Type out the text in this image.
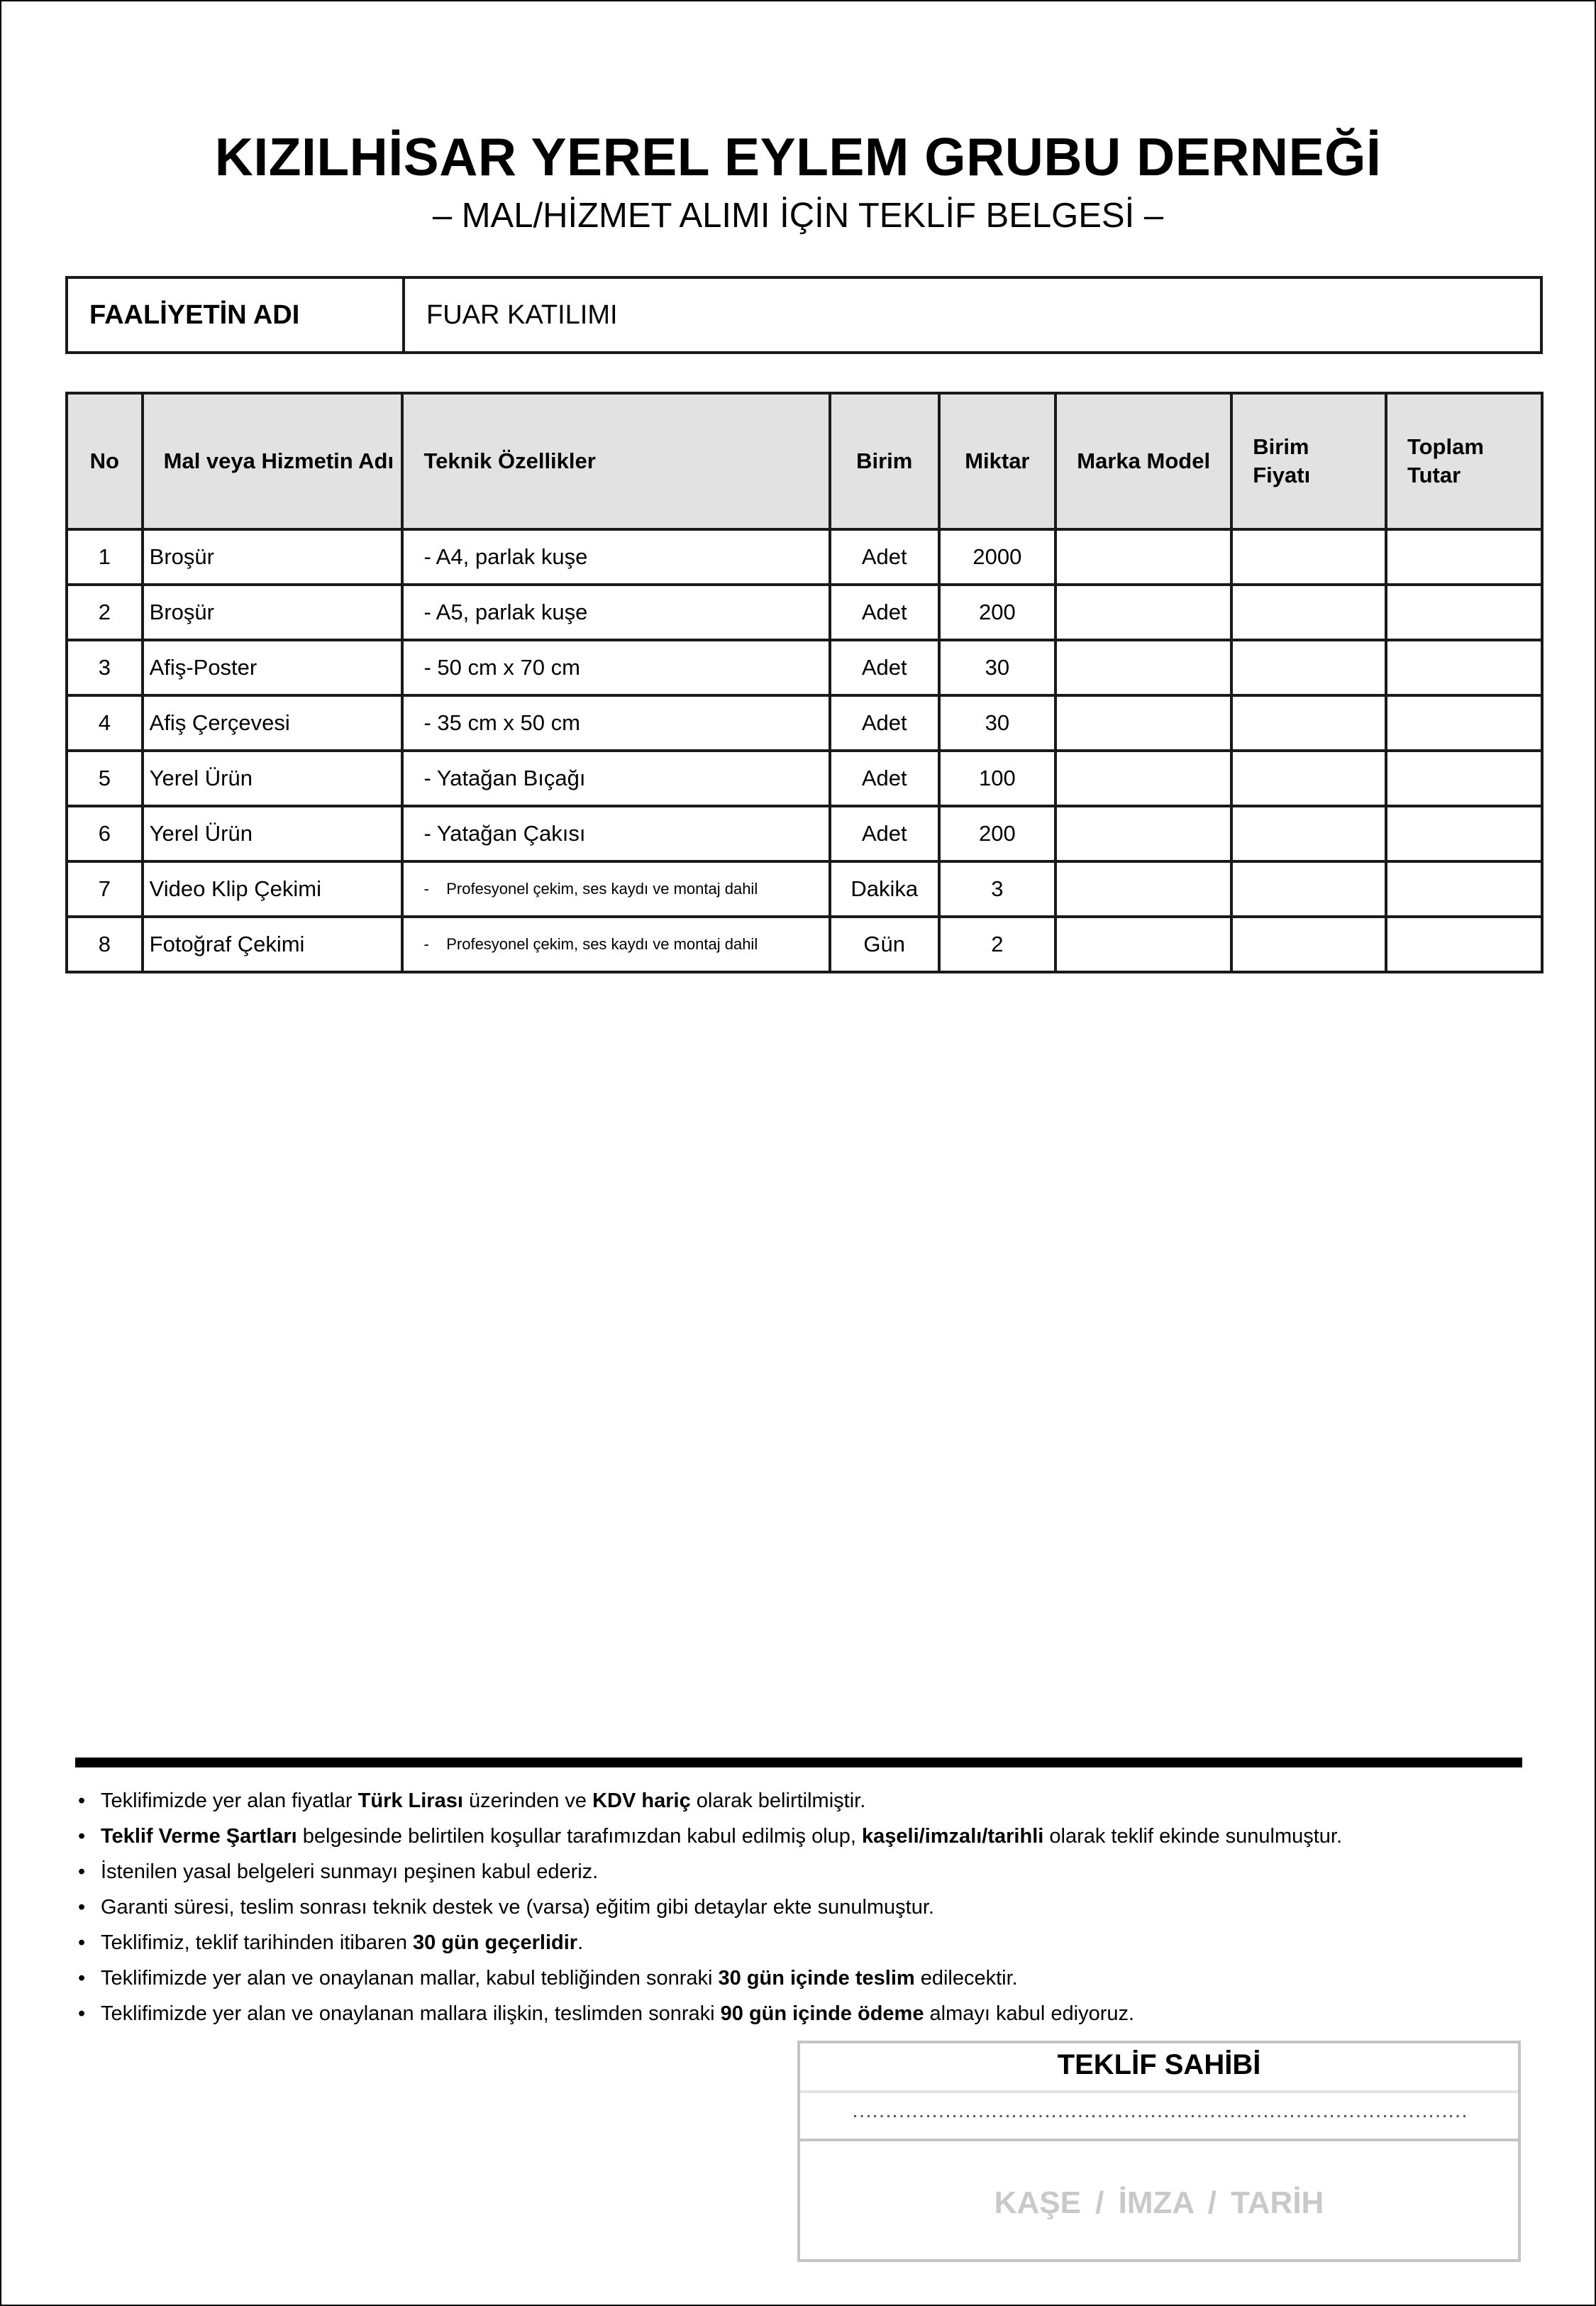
KIZILHİSAR YEREL EYLEM GRUBU DERNEĞİ
– MAL/HİZMET ALIMI İÇİN TEKLİF BELGESİ –
FAALİYETİN ADI	FUAR KATILIMI
No	Mal veya Hizmetin Adı	Teknik Özellikler	Birim	Miktar	Marka Model	Birim Fiyatı	Toplam Tutar
1	Broşür	- A4, parlak kuşe	Adet	2000			
2	Broşür	- A5, parlak kuşe	Adet	200			
3	Afiş-Poster	- 50 cm x 70 cm	Adet	30			
4	Afiş Çerçevesi	- 35 cm x 50 cm	Adet	30			
5	Yerel Ürün	- Yatağan Bıçağı	Adet	100			
6	Yerel Ürün	- Yatağan Çakısı	Adet	200			
7	Video Klip Çekimi	-    Profesyonel çekim, ses kaydı ve montaj dahil	Dakika	3			
8	Fotoğraf Çekimi	-    Profesyonel çekim, ses kaydı ve montaj dahil	Gün	2			
• Teklifimizde yer alan fiyatlar Türk Lirası üzerinden ve KDV hariç olarak belirtilmiştir.
• Teklif Verme Şartları belgesinde belirtilen koşullar tarafımızdan kabul edilmiş olup, kaşeli/imzalı/tarihli olarak teklif ekinde sunulmuştur.
• İstenilen yasal belgeleri sunmayı peşinen kabul ederiz.
• Garanti süresi, teslim sonrası teknik destek ve (varsa) eğitim gibi detaylar ekte sunulmuştur.
• Teklifimiz, teklif tarihinden itibaren 30 gün geçerlidir.
• Teklifimizde yer alan ve onaylanan mallar, kabul tebliğinden sonraki 30 gün içinde teslim edilecektir.
• Teklifimizde yer alan ve onaylanan mallara ilişkin, teslimden sonraki 90 gün içinde ödeme almayı kabul ediyoruz.
TEKLİF SAHİBİ
…………………………………………………………………………………
KAŞE / İMZA / TARİH
